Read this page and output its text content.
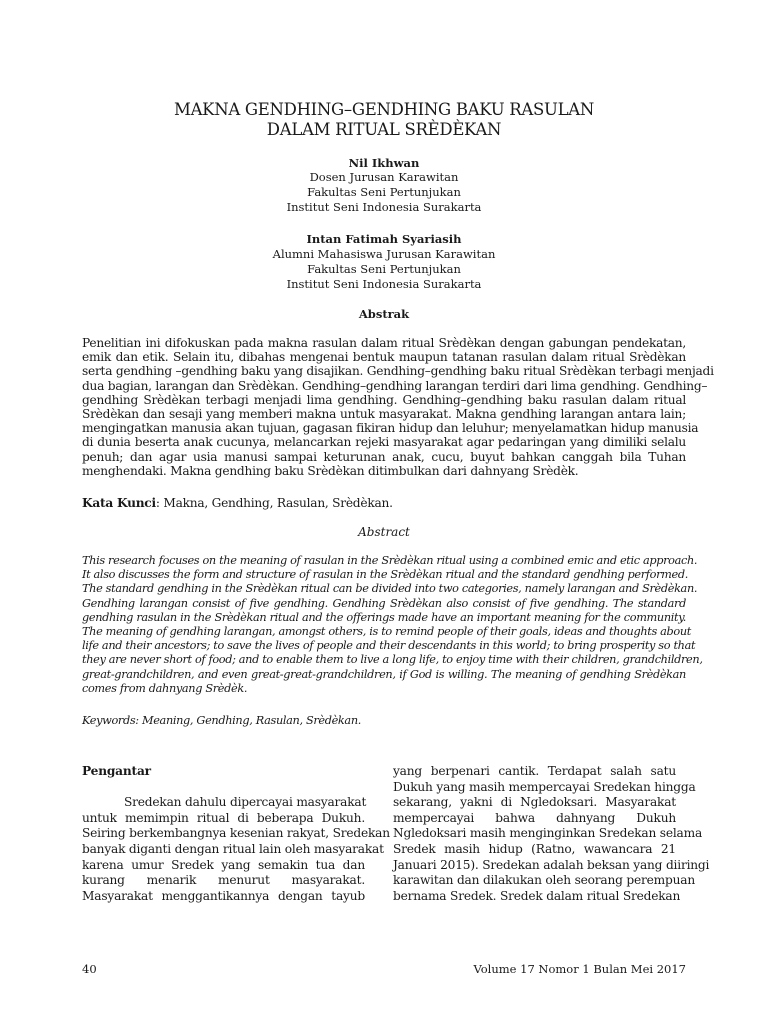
MAKNA GENDHING–GENDHING BAKU RASULAN
DALAM RITUAL SRÈDÈKAN
Nil Ikhwan
Dosen Jurusan Karawitan
Fakultas Seni Pertunjukan
Institut Seni Indonesia Surakarta
Intan Fatimah Syariasih
Alumni Mahasiswa Jurusan Karawitan
Fakultas Seni Pertunjukan
Institut Seni Indonesia Surakarta
Abstrak
Penelitian ini difokuskan pada makna rasulan dalam ritual Srèdèkan dengan gabungan pendekatan,
emik dan etik. Selain itu, dibahas mengenai bentuk maupun tatanan rasulan dalam ritual Srèdèkan
serta gendhing –gendhing baku yang disajikan. Gendhing–gendhing baku ritual Srèdèkan terbagi menjadi
dua bagian, larangan dan Srèdèkan. Gendhing–gendhing larangan terdiri dari lima gendhing. Gendhing–
gendhing Srèdèkan terbagi menjadi lima gendhing. Gendhing–gendhing baku rasulan dalam ritual
Srèdèkan dan sesaji yang memberi makna untuk masyarakat. Makna gendhing larangan antara lain;
mengingatkan manusia akan tujuan, gagasan fikiran hidup dan leluhur; menyelamatkan hidup manusia
di dunia beserta anak cucunya, melancarkan rejeki masyarakat agar pedaringan yang dimiliki selalu
penuh; dan agar usia manusi sampai keturunan anak, cucu, buyut bahkan canggah bila Tuhan
menghendaki. Makna gendhing baku Srèdèkan ditimbulkan dari dahnyang Srèdèk.
Kata Kunci: Makna, Gendhing, Rasulan, Srèdèkan.
Abstract
This research focuses on the meaning of rasulan in the Srèdèkan ritual using a combined emic and etic approach.
It also discusses the form and structure of rasulan in the Srèdèkan ritual and the standard gendhing performed.
The standard gendhing in the Srèdèkan ritual can be divided into two categories, namely larangan and Srèdèkan.
Gendhing larangan consist of five gendhing. Gendhing Srèdèkan also consist of five gendhing. The standard
gendhing rasulan in the Srèdèkan ritual and the offerings made have an important meaning for the community.
The meaning of gendhing larangan, amongst others, is to remind people of their goals, ideas and thoughts about
life and their ancestors; to save the lives of people and their descendants in this world; to bring prosperity so that
they are never short of food; and to enable them to live a long life, to enjoy time with their children, grandchildren,
great-grandchildren, and even great-great-grandchildren, if God is willing. The meaning of gendhing Srèdèkan
comes from dahnyang Srèdèk.
Keywords: Meaning, Gendhing, Rasulan, Srèdèkan.
Pengantar
Sredekan dahulu dipercayai masyarakat
untuk memimpin ritual di beberapa Dukuh.
Seiring berkembangnya kesenian rakyat, Sredekan
banyak diganti dengan ritual lain oleh masyarakat
karena umur Sredek yang semakin tua dan
kurang menarik menurut masyarakat.
Masyarakat menggantikannya dengan tayub
yang berpenari cantik. Terdapat salah satu
Dukuh yang masih mempercayai Sredekan hingga
sekarang, yakni di Ngledoksari. Masyarakat
mempercayai bahwa dahnyang Dukuh
Ngledoksari masih menginginkan Sredekan selama
Sredek masih hidup (Ratno, wawancara 21
Januari 2015). Sredekan adalah beksan yang diiringi
karawitan dan dilakukan oleh seorang perempuan
bernama Sredek. Sredek dalam ritual Sredekan
40	Volume 17 Nomor 1 Bulan Mei 2017
